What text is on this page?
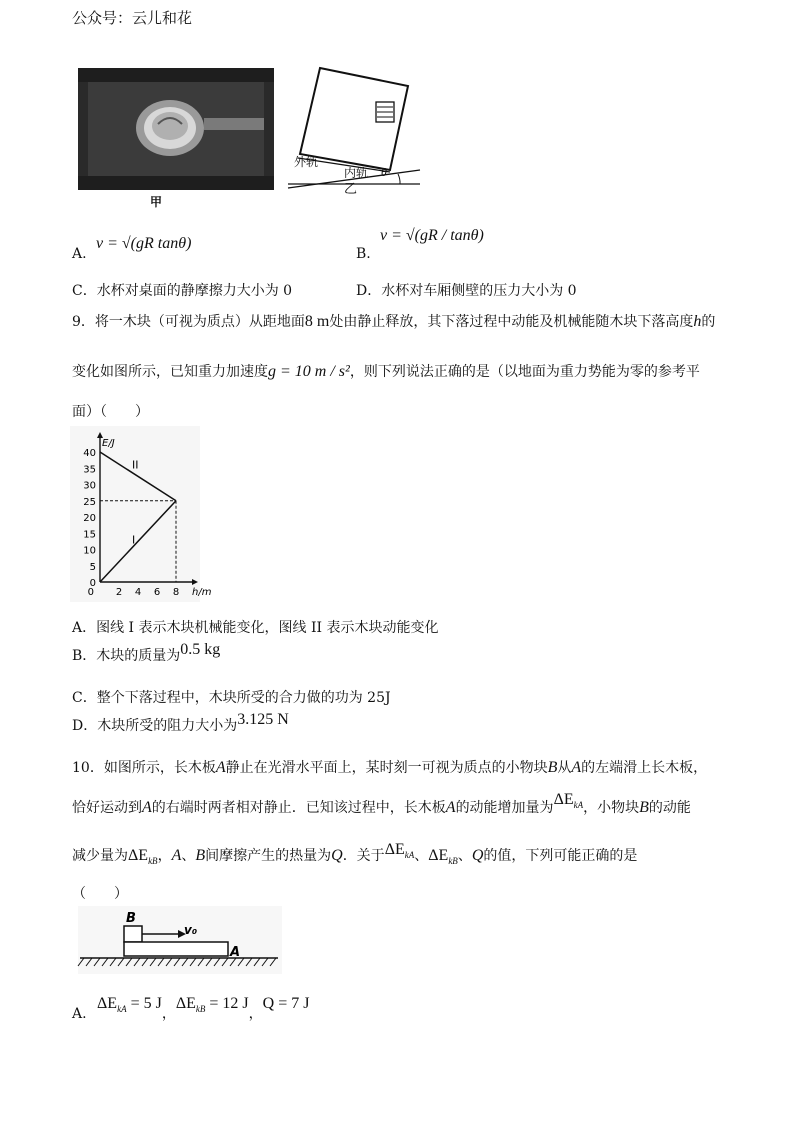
公众号：云儿和花
甲
外轨
内轨 θ
乙
A.
v = √(gR tanθ)
B.
v = √(gR / tanθ)
C．水杯对桌面的静摩擦力大小为 0	D．水杯对车厢侧壁的压力大小为 0
9．将一木块（可视为质点）从距地面8 m处由静止释放，其下落过程中动能及机械能随木块下落高度h的
变化如图所示，已知重力加速度g = 10 m / s²，则下列说法正确的是（以地面为重力势能为零的参考平
面）（　　）
0
5
10
15
20
25
30
35
40
2 4 6 8
0
E/J
h/m
I
II
A．图线 I 表示木块机械能变化，图线 II 表示木块动能变化
B．木块的质量为0.5 kg
C．整个下落过程中，木块所受的合力做的功为 25J
D．木块所受的阻力大小为3.125 N
10．如图所示，长木板A静止在光滑水平面上，某时刻一可视为质点的小物块B从A的左端滑上长木板，
恰好运动到A的右端时两者相对静止．已知该过程中，长木板A的动能增加量为$\Delta E_{kA}$，小物块B的动能
减少量为$\Delta E_{kB}$，A、B间摩擦产生的热量为Q．关于$\Delta E_{kA}$、$\Delta E_{kB}$、Q的值，下列可能正确的是
（　　）
B
A
v₀
A. $\Delta E_{kA} = 5$ J，$\Delta E_{kB} = 12$ J，Q = 7 J
